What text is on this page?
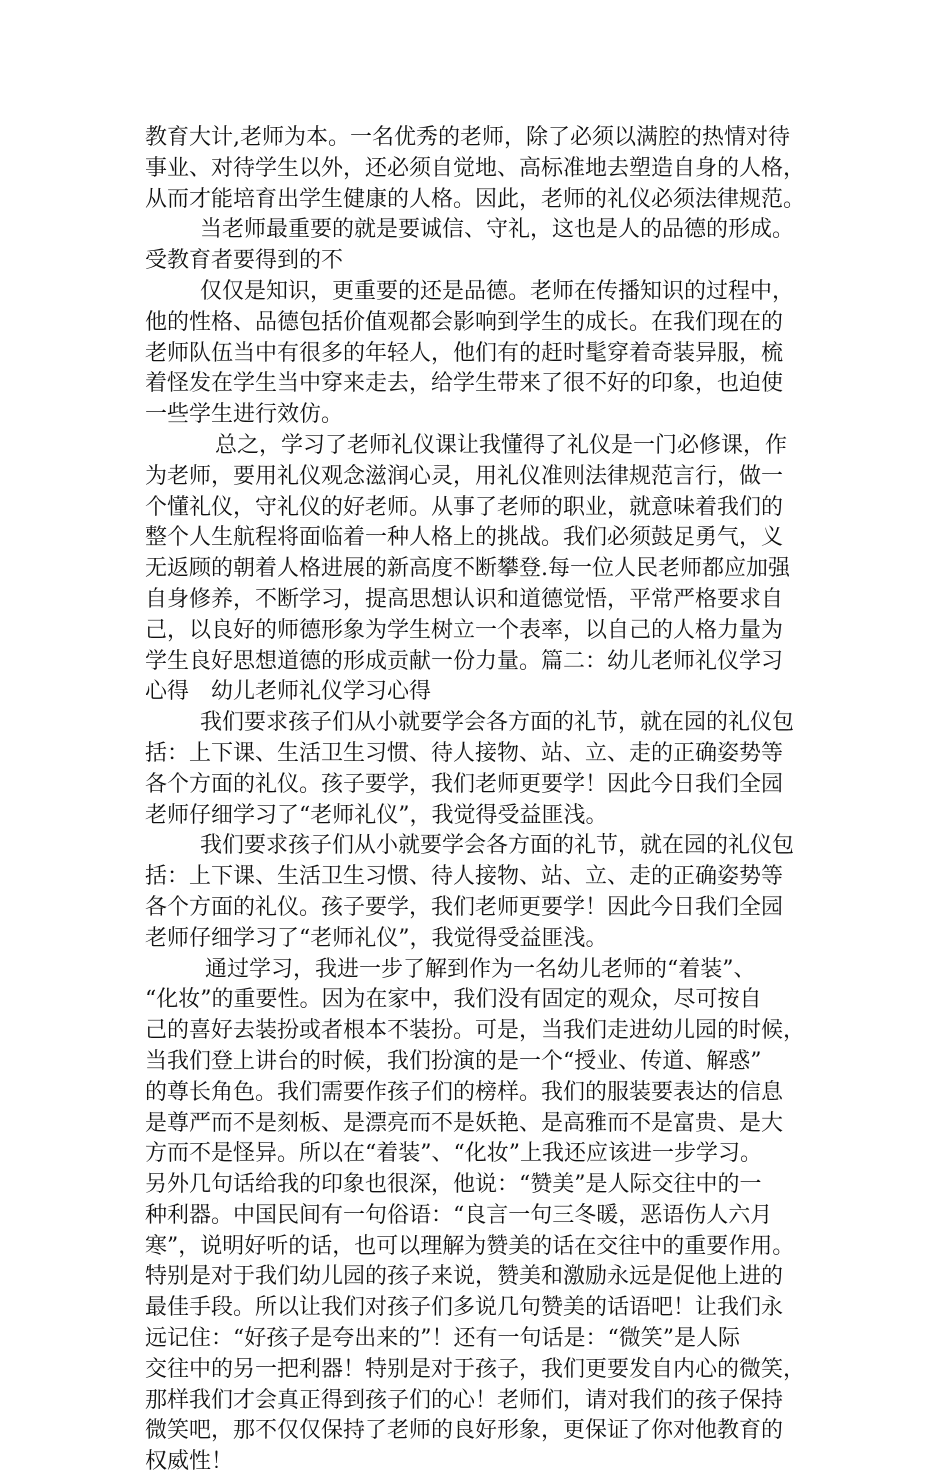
教育大计,老师为本。一名优秀的老师，除了必须以满腔的热情对待
事业、对待学生以外，还必须自觉地、高标准地去塑造自身的人格，
从而才能培育出学生健康的人格。因此，老师的礼仪必须法律规范。
当老师最重要的就是要诚信、守礼，这也是人的品德的形成。
受教育者要得到的不
仅仅是知识，更重要的还是品德。老师在传播知识的过程中，
他的性格、品德包括价值观都会影响到学生的成长。在我们现在的
老师队伍当中有很多的年轻人，他们有的赶时髦穿着奇装异服，梳
着怪发在学生当中穿来走去，给学生带来了很不好的印象，也迫使
一些学生进行效仿。
总之，学习了老师礼仪课让我懂得了礼仪是一门必修课，作
为老师，要用礼仪观念滋润心灵，用礼仪准则法律规范言行，做一
个懂礼仪，守礼仪的好老师。从事了老师的职业，就意味着我们的
整个人生航程将面临着一种人格上的挑战。我们必须鼓足勇气，义
无返顾的朝着人格进展的新高度不断攀登.每一位人民老师都应加强
自身修养，不断学习，提高思想认识和道德觉悟，平常严格要求自
己，以良好的师德形象为学生树立一个表率，以自己的人格力量为
学生良好思想道德的形成贡献一份力量。篇二：幼儿老师礼仪学习
心得　幼儿老师礼仪学习心得
我们要求孩子们从小就要学会各方面的礼节，就在园的礼仪包
括：上下课、生活卫生习惯、待人接物、站、立、走的正确姿势等
各个方面的礼仪。孩子要学，我们老师更要学！因此今日我们全园
老师仔细学习了“老师礼仪”，我觉得受益匪浅。
我们要求孩子们从小就要学会各方面的礼节，就在园的礼仪包
括：上下课、生活卫生习惯、待人接物、站、立、走的正确姿势等
各个方面的礼仪。孩子要学，我们老师更要学！因此今日我们全园
老师仔细学习了“老师礼仪”，我觉得受益匪浅。
通过学习，我进一步了解到作为一名幼儿老师的“着装”、
“化妆”的重要性。因为在家中，我们没有固定的观众，尽可按自
己的喜好去装扮或者根本不装扮。可是，当我们走进幼儿园的时候，
当我们登上讲台的时候，我们扮演的是一个“授业、传道、解惑”
的尊长角色。我们需要作孩子们的榜样。我们的服装要表达的信息
是尊严而不是刻板、是漂亮而不是妖艳、是高雅而不是富贵、是大
方而不是怪异。所以在“着装”、“化妆”上我还应该进一步学习。
另外几句话给我的印象也很深，他说：“赞美”是人际交往中的一
种利器。中国民间有一句俗语：“良言一句三冬暖，恶语伤人六月
寒”，说明好听的话，也可以理解为赞美的话在交往中的重要作用。
特别是对于我们幼儿园的孩子来说，赞美和激励永远是促他上进的
最佳手段。所以让我们对孩子们多说几句赞美的话语吧！让我们永
远记住：“好孩子是夸出来的”！还有一句话是：“微笑”是人际
交往中的另一把利器！特别是对于孩子，我们更要发自内心的微笑，
那样我们才会真正得到孩子们的心！老师们，请对我们的孩子保持
微笑吧，那不仅仅保持了老师的良好形象，更保证了你对他教育的
权威性！
